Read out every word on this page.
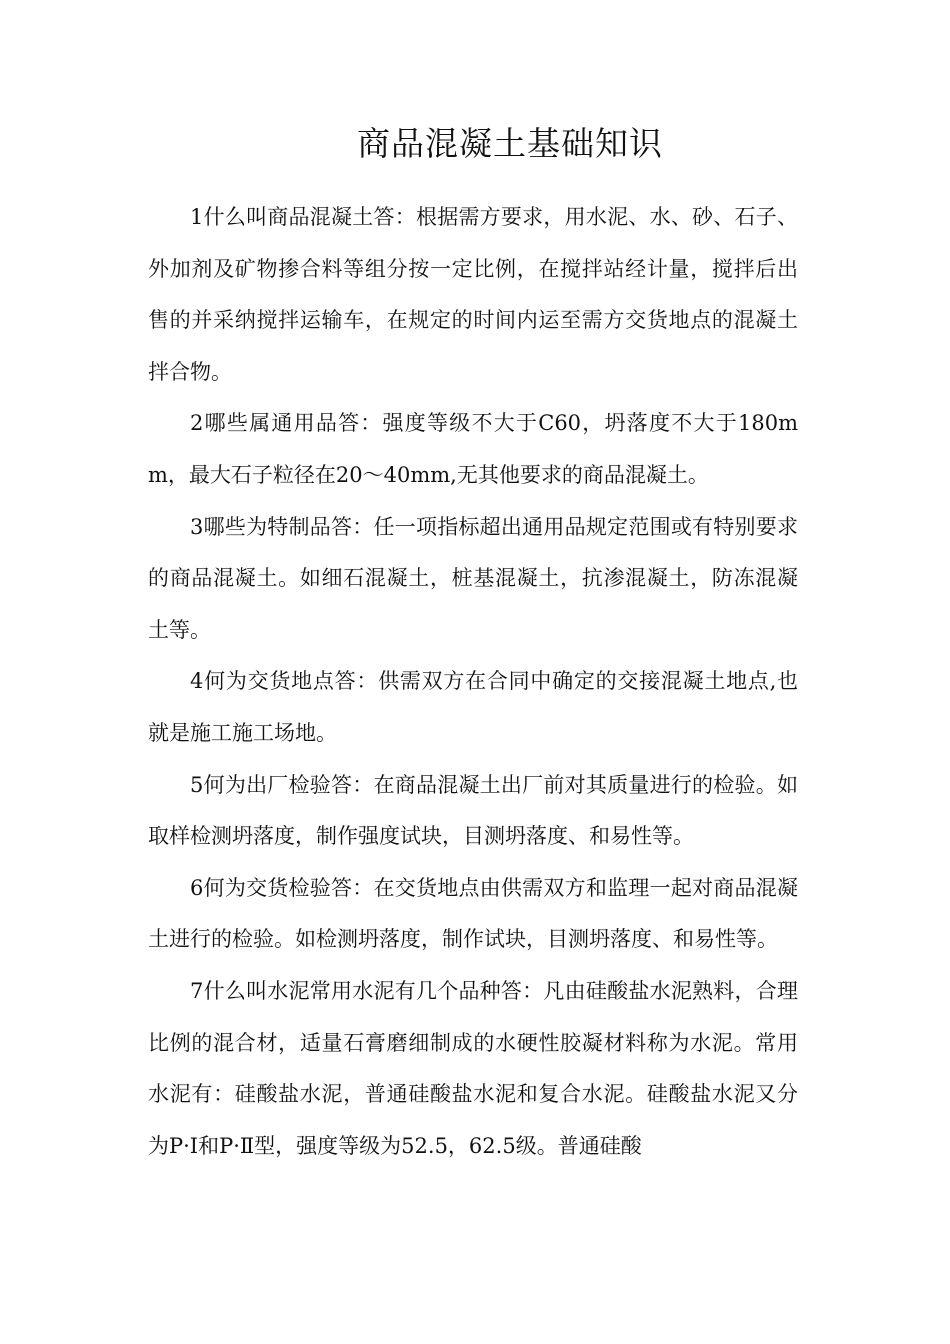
商品混凝土基础知识

1什么叫商品混凝土答：根据需方要求，用水泥、水、砂、石子、外加剂及矿物掺合料等组分按一定比例，在搅拌站经计量，搅拌后出售的并采纳搅拌运输车，在规定的时间内运至需方交货地点的混凝土拌合物。

2哪些属通用品答：强度等级不大于C60，坍落度不大于180mm，最大石子粒径在20～40mm,无其他要求的商品混凝土。

3哪些为特制品答：任一项指标超出通用品规定范围或有特别要求的商品混凝土。如细石混凝土，桩基混凝土，抗渗混凝土，防冻混凝土等。

4何为交货地点答：供需双方在合同中确定的交接混凝土地点,也就是施工施工场地。

5何为出厂检验答：在商品混凝土出厂前对其质量进行的检验。如取样检测坍落度，制作强度试块，目测坍落度、和易性等。

6何为交货检验答：在交货地点由供需双方和监理一起对商品混凝土进行的检验。如检测坍落度，制作试块，目测坍落度、和易性等。

7什么叫水泥常用水泥有几个品种答：凡由硅酸盐水泥熟料，合理比例的混合材，适量石膏磨细制成的水硬性胶凝材料称为水泥。常用水泥有：硅酸盐水泥，普通硅酸盐水泥和复合水泥。硅酸盐水泥又分为P·Ⅰ和P·Ⅱ型，强度等级为52.5，62.5级。普通硅酸
